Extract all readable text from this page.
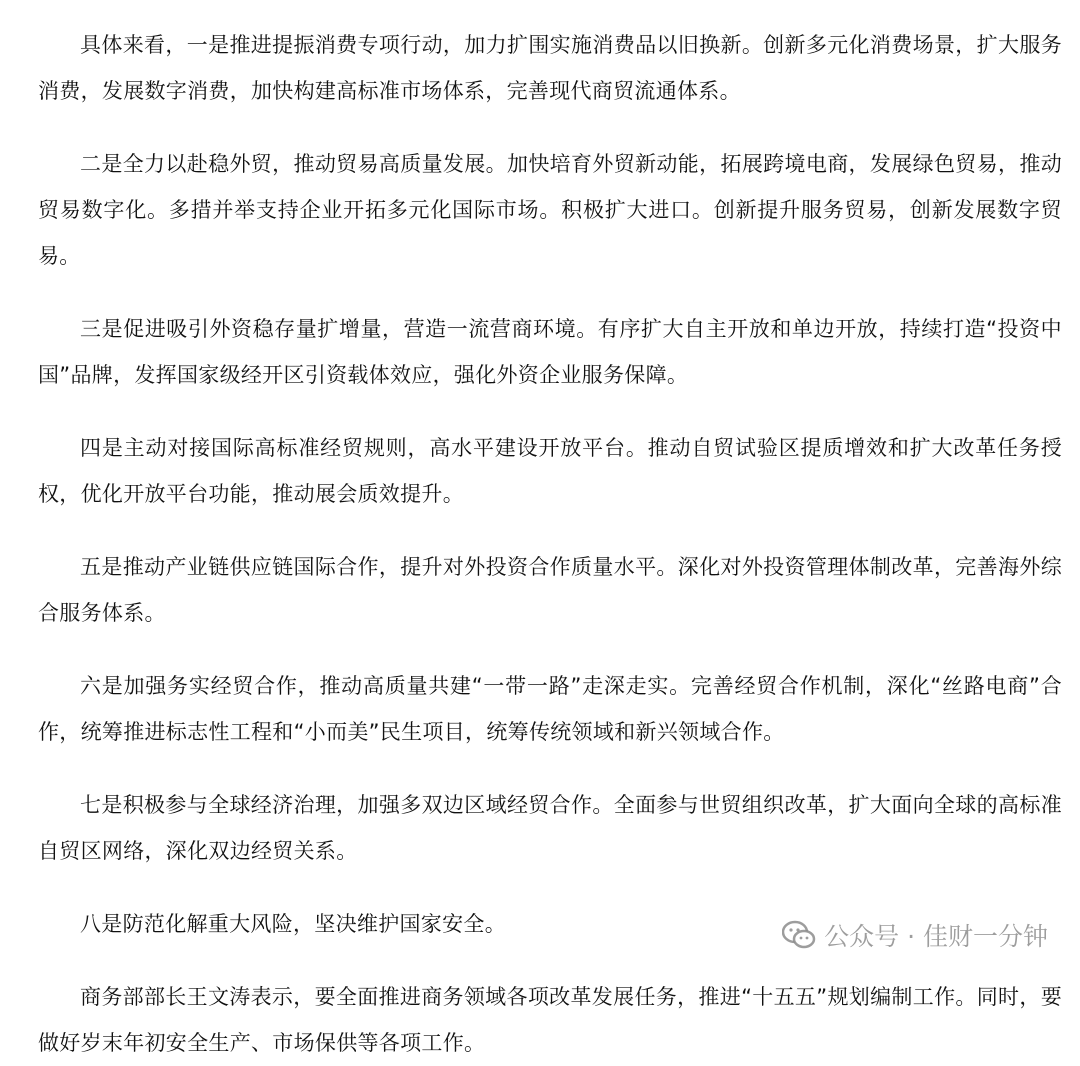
具体来看，一是推进提振消费专项行动，加力扩围实施消费品以旧换新。创新多元化消费场景，扩大服务消费，发展数字消费，加快构建高标准市场体系，完善现代商贸流通体系。

二是全力以赴稳外贸，推动贸易高质量发展。加快培育外贸新动能，拓展跨境电商，发展绿色贸易，推动贸易数字化。多措并举支持企业开拓多元化国际市场。积极扩大进口。创新提升服务贸易，创新发展数字贸易。

三是促进吸引外资稳存量扩增量，营造一流营商环境。有序扩大自主开放和单边开放，持续打造“投资中国”品牌，发挥国家级经开区引资载体效应，强化外资企业服务保障。

四是主动对接国际高标准经贸规则，高水平建设开放平台。推动自贸试验区提质增效和扩大改革任务授权，优化开放平台功能，推动展会质效提升。

五是推动产业链供应链国际合作，提升对外投资合作质量水平。深化对外投资管理体制改革，完善海外综合服务体系。

六是加强务实经贸合作，推动高质量共建“一带一路”走深走实。完善经贸合作机制，深化“丝路电商”合作，统筹推进标志性工程和“小而美”民生项目，统筹传统领域和新兴领域合作。

七是积极参与全球经济治理，加强多双边区域经贸合作。全面参与世贸组织改革，扩大面向全球的高标准自贸区网络，深化双边经贸关系。

八是防范化解重大风险，坚决维护国家安全。

商务部部长王文涛表示，要全面推进商务领域各项改革发展任务，推进“十五五”规划编制工作。同时，要做好岁末年初安全生产、市场保供等各项工作。

公众号 · 佳财一分钟
